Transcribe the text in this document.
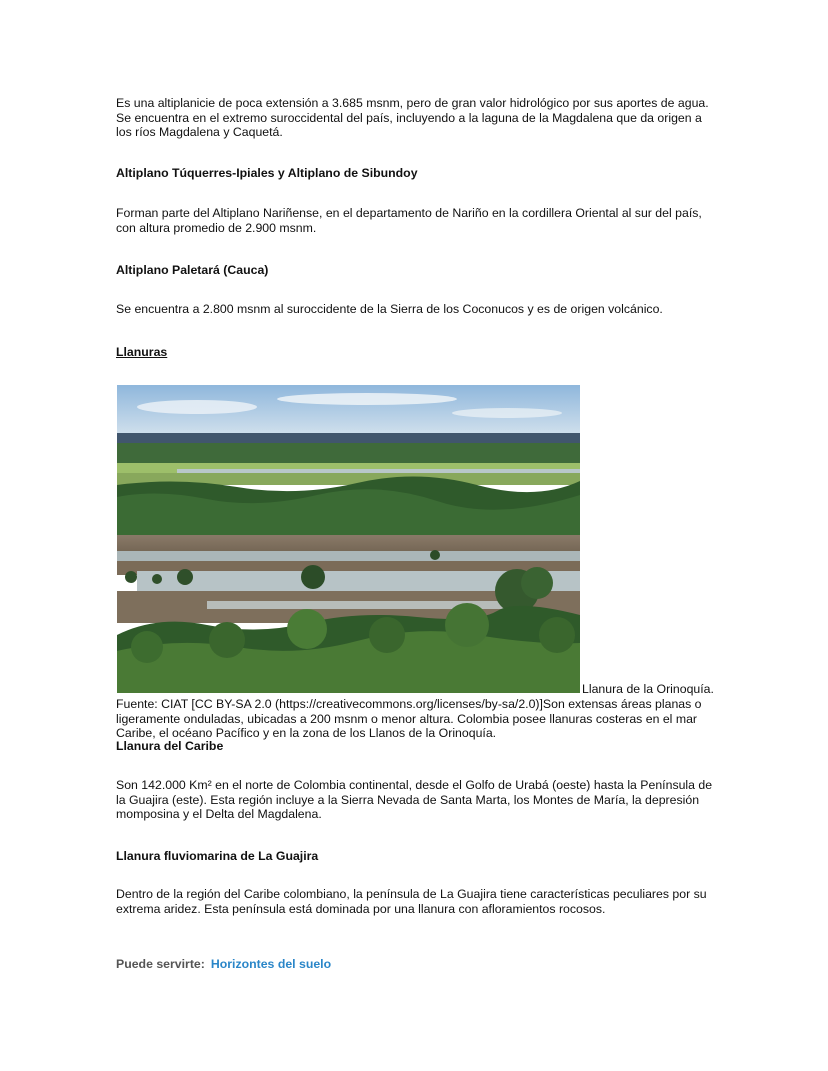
Es una altiplanicie de poca extensión a 3.685 msnm, pero de gran valor hidrológico por sus aportes de agua. Se encuentra en el extremo suroccidental del país, incluyendo a la laguna de la Magdalena que da origen a los ríos Magdalena y Caquetá.

Altiplano Túquerres-Ipiales y Altiplano de Sibundoy

Forman parte del Altiplano Nariñense, en el departamento de Nariño en la cordillera Oriental al sur del país, con altura promedio de 2.900 msnm.

Altiplano Paletará (Cauca)

Se encuentra a 2.800 msnm al suroccidente de la Sierra de los Coconucos y es de origen volcánico.

Llanuras

Llanura de la Orinoquía.

Fuente: CIAT [CC BY-SA 2.0 (https://creativecommons.org/licenses/by-sa/2.0)]Son extensas áreas planas o ligeramente onduladas, ubicadas a 200 msnm o menor altura. Colombia posee llanuras costeras en el mar Caribe, el océano Pacífico y en la zona de los Llanos de la Orinoquía.

Llanura del Caribe

Son 142.000 Km² en el norte de Colombia continental, desde el Golfo de Urabá (oeste) hasta la Península de la Guajira (este). Esta región incluye a la Sierra Nevada de Santa Marta, los Montes de María, la depresión momposina y el Delta del Magdalena.

Llanura fluviomarina de La Guajira

Dentro de la región del Caribe colombiano, la península de La Guajira tiene características peculiares por su extrema aridez. Esta península está dominada por una llanura con afloramientos rocosos.

Puede servirte: Horizontes del suelo
